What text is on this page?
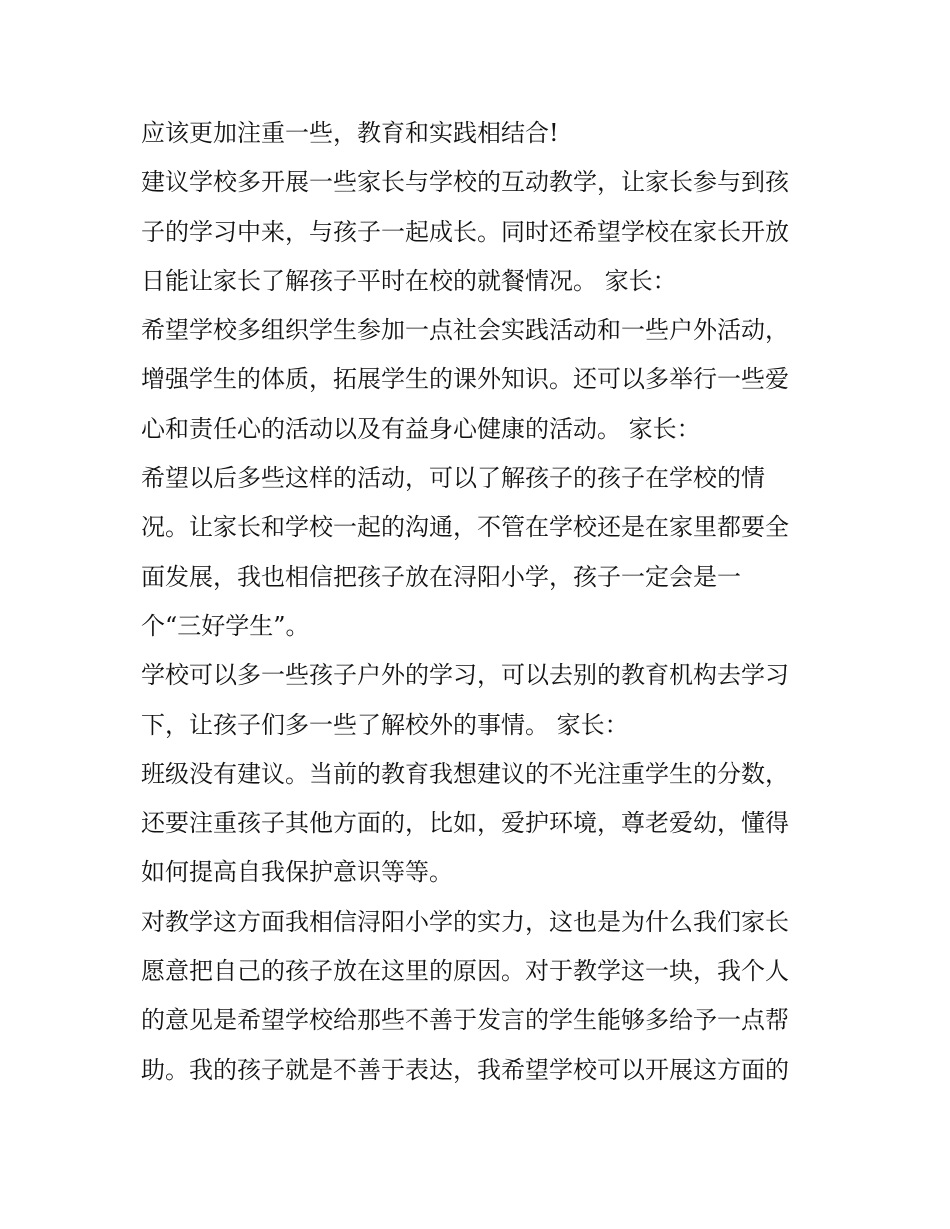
应该更加注重一些，教育和实践相结合!
建议学校多开展一些家长与学校的互动教学，让家长参与到孩
子的学习中来，与孩子一起成长。同时还希望学校在家长开放
日能让家长了解孩子平时在校的就餐情况。 家长：
希望学校多组织学生参加一点社会实践活动和一些户外活动，
增强学生的体质，拓展学生的课外知识。还可以多举行一些爱
心和责任心的活动以及有益身心健康的活动。 家长：
希望以后多些这样的活动，可以了解孩子的孩子在学校的情
况。让家长和学校一起的沟通，不管在学校还是在家里都要全
面发展，我也相信把孩子放在浔阳小学，孩子一定会是一
个“三好学生”。
学校可以多一些孩子户外的学习，可以去别的教育机构去学习
下，让孩子们多一些了解校外的事情。 家长：
班级没有建议。当前的教育我想建议的不光注重学生的分数，
还要注重孩子其他方面的，比如，爱护环境，尊老爱幼，懂得
如何提高自我保护意识等等。
对教学这方面我相信浔阳小学的实力，这也是为什么我们家长
愿意把自己的孩子放在这里的原因。对于教学这一块，我个人
的意见是希望学校给那些不善于发言的学生能够多给予一点帮
助。我的孩子就是不善于表达，我希望学校可以开展这方面的
